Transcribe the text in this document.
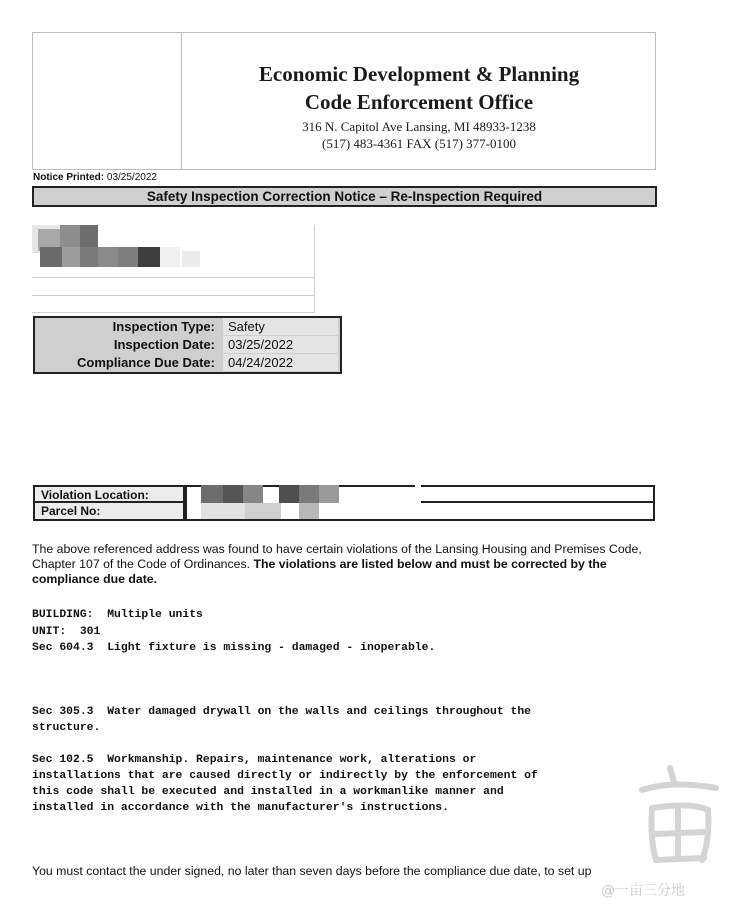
Economic Development & Planning
Code Enforcement Office
316 N. Capitol Ave Lansing, MI 48933-1238
(517) 483-4361 FAX (517) 377-0100
Notice Printed: 03/25/2022
Safety Inspection Correction Notice – Re-Inspection Required
Inspection Type:	Safety
Inspection Date:	03/25/2022
Compliance Due Date:	04/24/2022
Violation Location:
Parcel No:
The above referenced address was found to have certain violations of the Lansing Housing and Premises Code, Chapter 107 of the Code of Ordinances. The violations are listed below and must be corrected by the compliance due date.
BUILDING:  Multiple units
UNIT:  301
Sec 604.3  Light fixture is missing - damaged - inoperable.
Sec 305.3  Water damaged drywall on the walls and ceilings throughout the
structure.
Sec 102.5  Workmanship. Repairs, maintenance work, alterations or
installations that are caused directly or indirectly by the enforcement of
this code shall be executed and installed in a workmanlike manner and
installed in accordance with the manufacturer's instructions.
You must contact the under signed, no later than seven days before the compliance due date, to set up
@一亩三分地
